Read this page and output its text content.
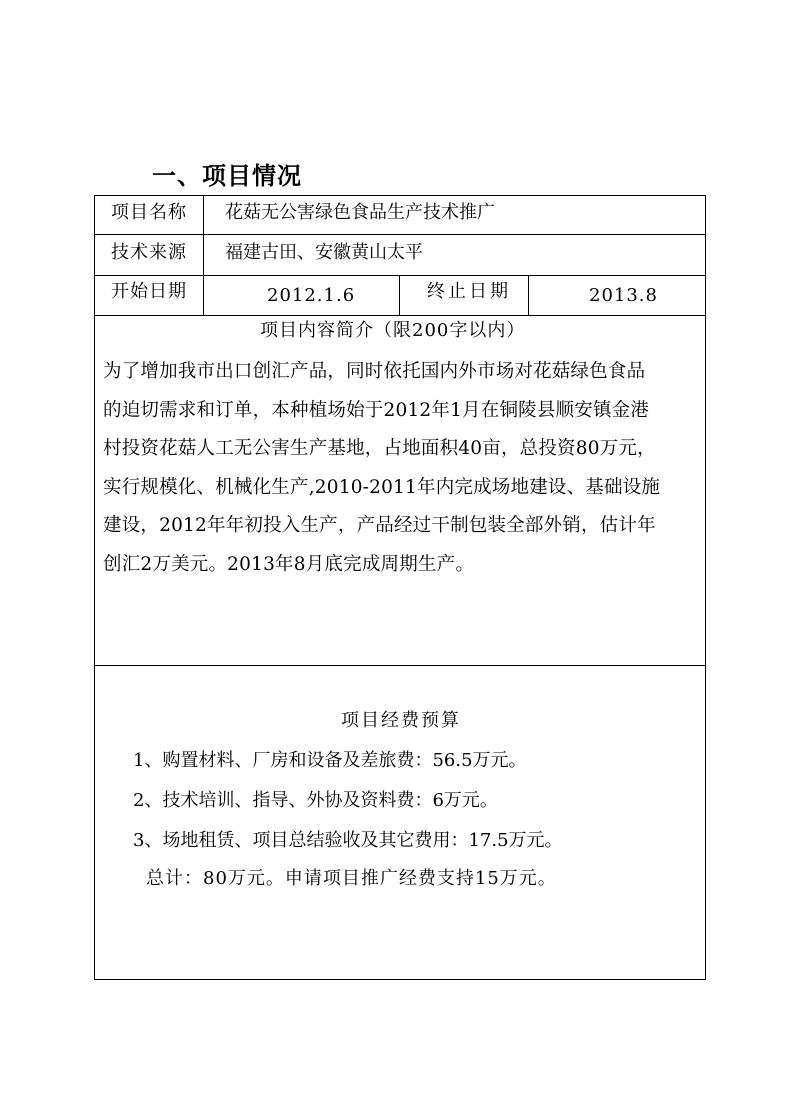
一、项目情况
项目名称 花菇无公害绿色食品生产技术推广
技术来源 福建古田、安徽黄山太平
开始日期	2012.1.6	终止日期	2013.8
项目内容简介（限200字以内）
为了增加我市出口创汇产品，同时依托国内外市场对花菇绿色食品
的迫切需求和订单，本种植场始于2012年1月在铜陵县顺安镇金港
村投资花菇人工无公害生产基地，占地面积40亩，总投资80万元，
实行规模化、机械化生产,2010-2011年内完成场地建设、基础设施
建设，2012年年初投入生产，产品经过干制包装全部外销，估计年
创汇2万美元。2013年8月底完成周期生产。
项目经费预算
1、购置材料、厂房和设备及差旅费：56.5万元。
2、技术培训、指导、外协及资料费：6万元。
3、场地租赁、项目总结验收及其它费用：17.5万元。
总计：80万元。申请项目推广经费支持15万元。
